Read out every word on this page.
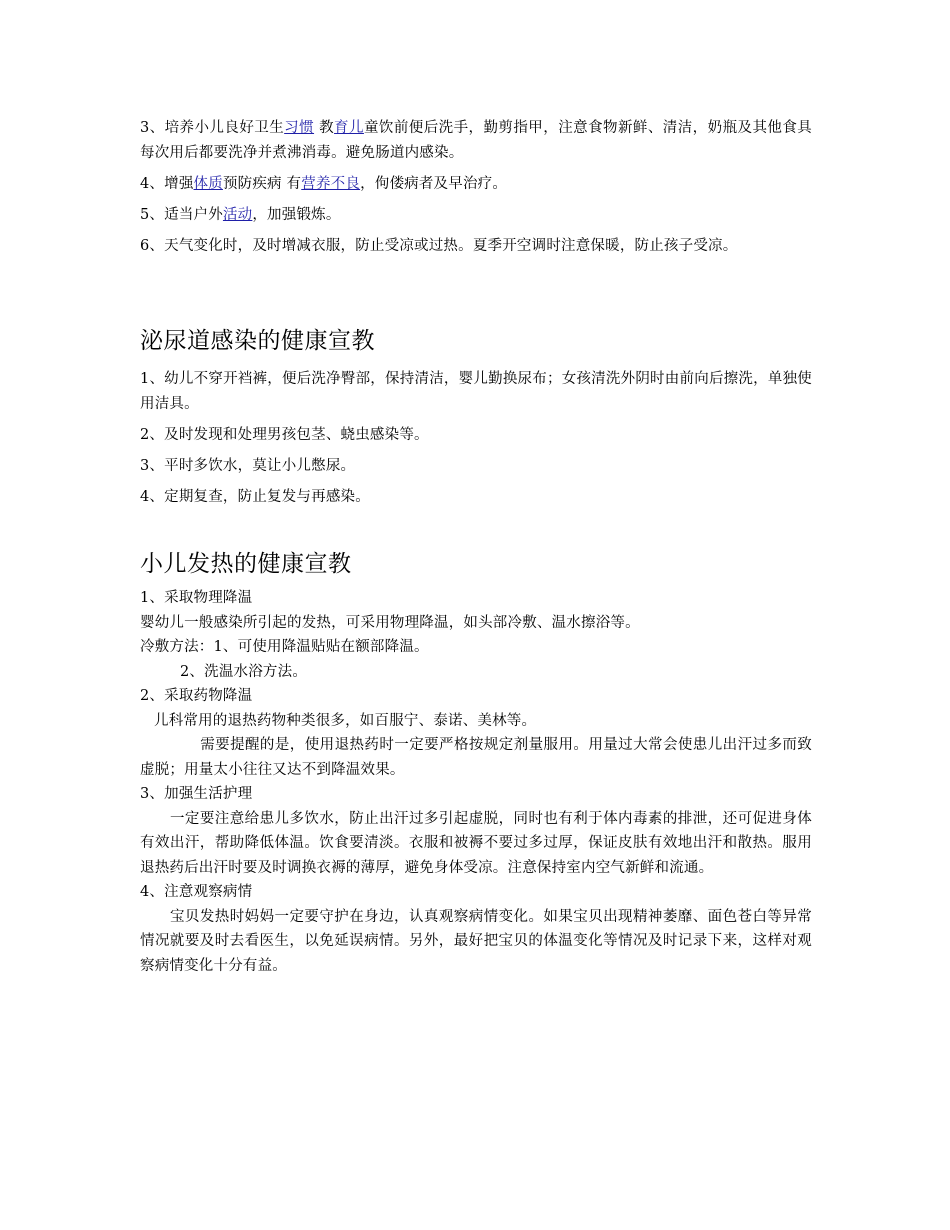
3、培养小儿良好卫生习惯 教育儿童饮前便后洗手，勤剪指甲，注意食物新鲜、清洁，奶瓶及其他食具每次用后都要洗净并煮沸消毒。避免肠道内感染。

4、增强体质预防疾病 有营养不良，佝偻病者及早治疗。

5、适当户外活动，加强锻炼。

6、天气变化时，及时增减衣服，防止受凉或过热。夏季开空调时注意保暖，防止孩子受凉。

泌尿道感染的健康宣教

1、幼儿不穿开裆裤，便后洗净臀部，保持清洁，婴儿勤换尿布；女孩清洗外阴时由前向后擦洗，单独使用洁具。

2、及时发现和处理男孩包茎、蛲虫感染等。

3、平时多饮水，莫让小儿憋尿。

4、定期复查，防止复发与再感染。

小儿发热的健康宣教

1、采取物理降温

婴幼儿一般感染所引起的发热，可采用物理降温，如头部冷敷、温水擦浴等。

冷敷方法：1、可使用降温贴贴在额部降温。

2、洗温水浴方法。

2、采取药物降温

儿科常用的退热药物种类很多，如百服宁、泰诺、美林等。

需要提醒的是，使用退热药时一定要严格按规定剂量服用。用量过大常会使患儿出汗过多而致虚脱；用量太小往往又达不到降温效果。

3、加强生活护理

一定要注意给患儿多饮水，防止出汗过多引起虚脱，同时也有利于体内毒素的排泄，还可促进身体有效出汗，帮助降低体温。饮食要清淡。衣服和被褥不要过多过厚，保证皮肤有效地出汗和散热。服用退热药后出汗时要及时调换衣褥的薄厚，避免身体受凉。注意保持室内空气新鲜和流通。

4、注意观察病情

宝贝发热时妈妈一定要守护在身边，认真观察病情变化。如果宝贝出现精神萎靡、面色苍白等异常情况就要及时去看医生，以免延误病情。另外，最好把宝贝的体温变化等情况及时记录下来，这样对观察病情变化十分有益。
